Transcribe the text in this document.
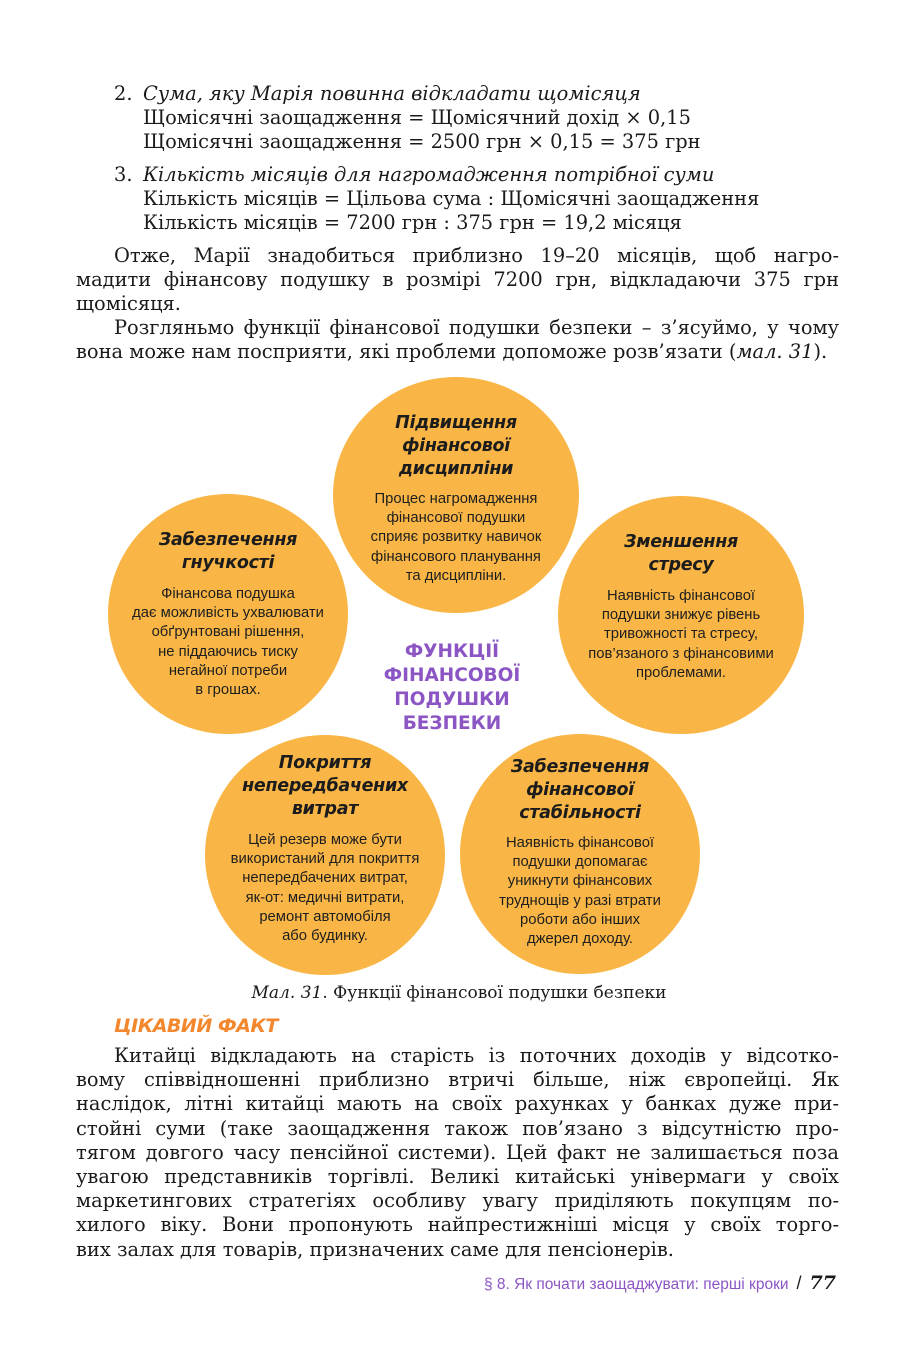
2. Сума, яку Марія повинна відкладати щомісяця
Щомісячні заощадження = Щомісячний дохід × 0,15
Щомісячні заощадження = 2500 грн × 0,15 = 375 грн
3. Кількість місяців для нагромадження потрібної суми
Кількість місяців = Цільова сума : Щомісячні заощадження
Кількість місяців = 7200 грн : 375 грн = 19,2 місяця
Отже, Марії знадобиться приблизно 19–20 місяців, щоб нагро-
мадити фінансову подушку в розмірі 7200 грн, відкладаючи 375 грн
щомісяця.
Розгляньмо функції фінансової подушки безпеки – з’ясуймо, у чому
вона може нам посприяти, які проблеми допоможе розв’язати (мал. 31).
Підвищення
фінансової
дисципліни
Процес нагромадження
фінансової подушки
сприяє розвитку навичок
фінансового планування
та дисципліни.
Забезпечення
гнучкості
Фінансова подушка
дає можливість ухвалювати
обґрунтовані рішення,
не піддаючись тиску
негайної потреби
в грошах.
Зменшення
стресу
Наявність фінансової
подушки знижує рівень
тривожності та стресу,
пов’язаного з фінансовими
проблемами.
Покриття
непередбачених
витрат
Цей резерв може бути
використаний для покриття
непередбачених витрат,
як-от: медичні витрати,
ремонт автомобіля
або будинку.
Забезпечення
фінансової
стабільності
Наявність фінансової
подушки допомагає
уникнути фінансових
труднощів у разі втрати
роботи або інших
джерел доходу.
ФУНКЦІЇ
ФІНАНСОВОЇ
ПОДУШКИ
БЕЗПЕКИ
Мал. 31. Функції фінансової подушки безпеки
ЦІКАВИЙ ФАКТ
Китайці відкладають на старість із поточних доходів у відсотко-
вому співвідношенні приблизно втричі більше, ніж європейці. Як
наслідок, літні китайці мають на своїх рахунках у банках дуже при-
стойні суми (таке заощадження також пов’язано з відсутністю про-
тягом довгого часу пенсійної системи). Цей факт не залишається поза
увагою представників торгівлі. Великі китайські універмаги у своїх
маркетингових стратегіях особливу увагу приділяють покупцям по-
хилого віку. Вони пропонують найпрестижніші місця у своїх торго-
вих залах для товарів, призначених саме для пенсіонерів.
§ 8. Як почати заощаджувати: перші кроки / 77
